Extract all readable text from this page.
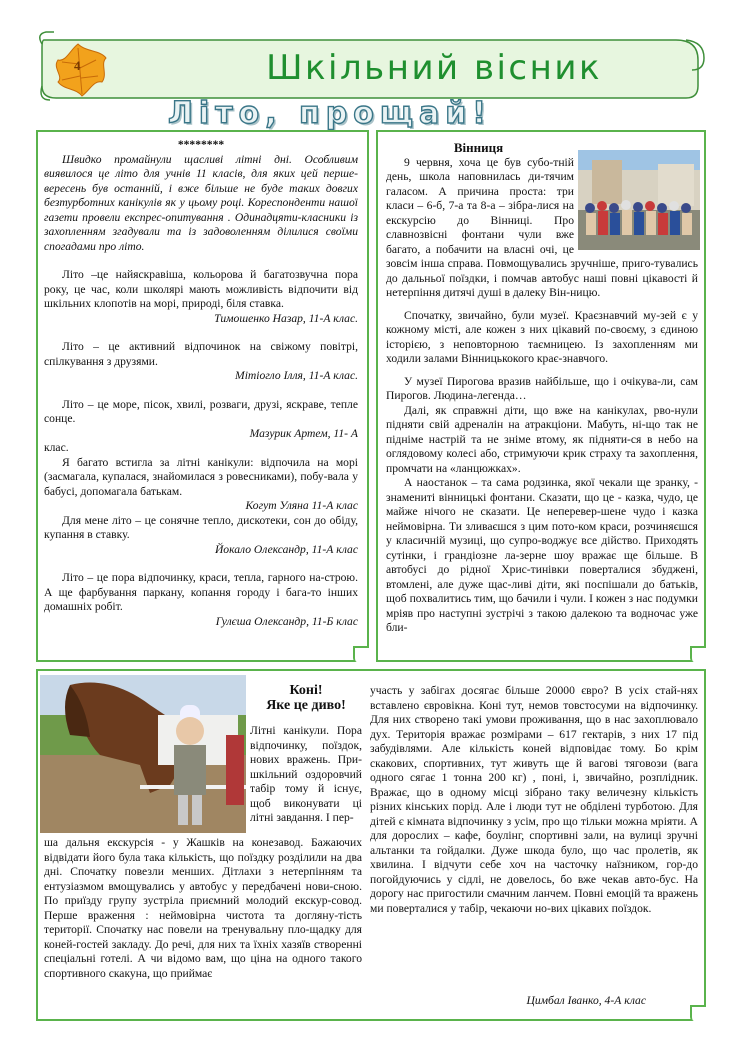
4	Шкільний вісник
Літо, прощай!

********

Швидко промайнули щасливі літні дні. Особливим виявилося це літо для учнів 11 класів, для яких цей перше-вересень був останній, і вже більше не буде таких довгих безтурботних канікулів як у цьому році. Кореспонденти нашої газети провели експрес-опитування . Одинадцяти-класники із захопленням згадували та із задоволенням ділилися своїми спогадами про літо.

Літо –це найяскравіша, кольорова й багатозвучна пора року, це час, коли школярі мають можливість відпочити від шкільних клопотів на морі, природі, біля ставка.

Тимошенко Назар, 11-А клас.

Літо – це активний відпочинок на свіжому повітрі, спілкування з друзями.

Мітіогло Ілля, 11-А клас.

Літо – це море, пісок, хвилі, розваги, друзі, яскраве, тепле сонце.

Мазурик Артем, 11- А

клас.

Я багато встигла за літні канікули: відпочила на морі (засмагала, купалася, знайомилася з ровесниками), побу-вала у бабусі, допомагала батькам.

Когут Уляна 11-А клас

Для мене літо – це сонячне тепло, дискотеки, сон до обіду, купання в ставку.

Йокало Олександр, 11-А клас

Літо – це пора відпочинку, краси, тепла, гарного на-строю. А ще фарбування паркану, копання городу і бага-то інших домашніх робіт.

Гулєша Олександр, 11-Б клас

Вінниця

9 червня, хоча це був субо-тній день, школа наповнилась ди-тячим галасом. А причина проста: три класи – 6-б, 7-а та 8-а – зібра-лися на екскурсію до Вінниці. Про славнозвісні фонтани чули вже багато, а побачити на власні очі, це зовсім інша справа. Повмощувались зручніше, приго-тувались до дальньої поїздки, і помчав автобус наші повні цікавості й нетерпіння дитячі душі в далеку Він-ницю.

Спочатку, звичайно, були музеї. Краєзнавчий му-зей є у кожному місті, але кожен з них цікавий по-своєму, з єдиною історією, з неповторною таємницею. Із захопленням ми ходили залами Вінницькокого крає-знавчого.

У музеї Пирогова вразив найбільше, що і очікува-ли, сам Пирогов. Людина-легенда…

Далі, як справжні діти, що вже на канікулах, рво-нули підняти свій адреналін на атракціони. Мабуть, ні-що так не підніме настрій та не зніме втому, як підняти-ся в небо на оглядовому колесі або, стримуючи крик страху та захоплення, промчати на «ланцюжках».

А наостанок – та сама родзинка, якої чекали ще зранку, - знаменитi вiнницькi фонтани. Сказати, що це - казка, чудо, це майже нічого не сказати. Це неперевер-шене чудо і казка неймовірна. Ти зливаєшся з цим пото-ком краси, розчиняєшся у класичній музиці, що супро-воджує все дійство. Приходять сутінки, і грандіозне ла-зерне шоу вражає ще більше. В автобусі до рідної Хрис-тинівки поверталися збуджені, втомлені, але дуже щас-ливі діти, які поспішали до батьків, щоб похвалитись тим, що бачили і чули. І кожен з нас подумки мріяв про наступні зустрічі з такою далекою та водночас уже бли-

Коні!

Яке це диво!

Літні канікули. Пора відпочинку, поїздок, нових вражень. При-шкільний оздоровчий табір тому й існує, щоб виконувати ці літні завдання. І пер-

ша дальня екскурсія - у Жашків на конезавод. Бажаючих відвідати його була така кількість, що поїздку розділили на два дні. Спочатку повезли менших. Дітлахи з нетерпінням та ентузіазмом вмощувались у автобус у передбачені нови-сною. По приїзду групу зустріла приємний молодий екскур-совод. Перше враження : неймовірна чистота та догляну-тість території. Спочатку нас повели на тренувальну пло-щадку для коней-гостей закладу. До речі, для них та їхніх хазяїв створенні спеціальні готелі. А чи відомо вам, що ціна на одного такого спортивного скакуна, що приймає

участь у забігах досягає більше 20000 євро? В усіх стай-нях вставлено євровікна. Коні тут, немов товстосуми на відпочинку. Для них створено такі умови проживання, що в нас захоплювало дух. Територія вражає розмірами – 617 гектарів, з них 17 під забудівлями. Але кількість коней відповідає тому. Бо крім скакових, спортивних, тут живуть ще й вагові тяговози (вага одного сягає 1 тонна 200 кг) , поні, і, звичайно, розплідник. Вражає, що в одному місці зібрано таку величезну кількість різних кінських порід. Але і люди тут не обділені турботою. Для дітей є кімната відпочинку з усім, про що тільки можна мріяти. А для дорослих – кафе, боулінг, спортивні зали, на вулиці зручні альтанки та гойдалки. Дуже шкода було, що час пролетів, як хвилина. І відчути себе хоч на часточку наїзником, гор-до погойдуючись у сідлі, не довелось, бо вже чекав авто-бус. На дорогу нас пригостили смачним ланчем. Повні емоцій та вражень ми поверталися у табір, чекаючи но-вих цікавих поїздок.

Цимбал Іванко, 4-А клас
